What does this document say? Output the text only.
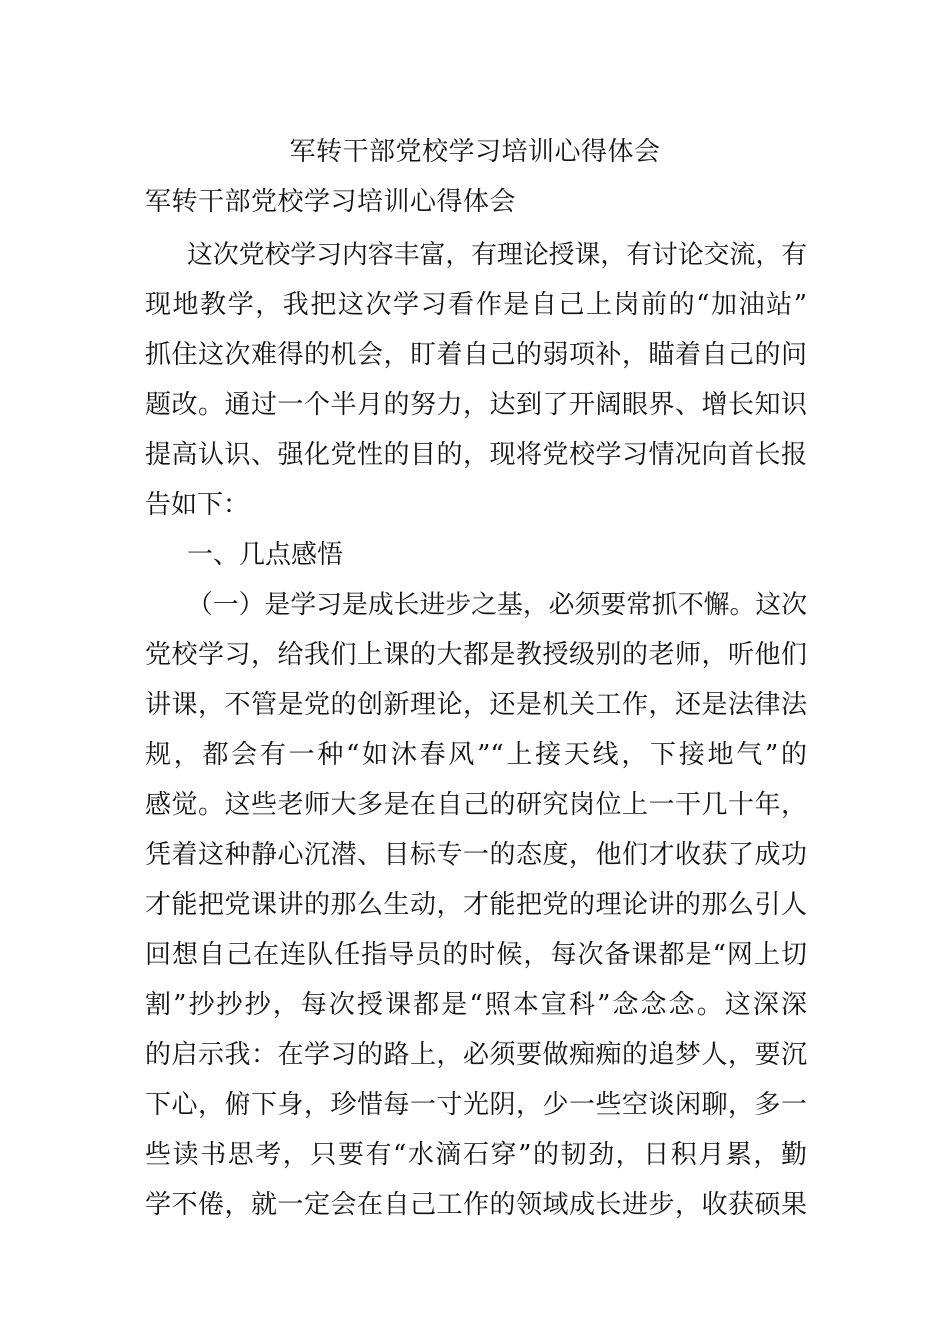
军转干部党校学习培训心得体会
军转干部党校学习培训心得体会
这次党校学习内容丰富，有理论授课，有讨论交流，有
现地教学，我把这次学习看作是自己上岗前的“加油站”
抓住这次难得的机会，盯着自己的弱项补，瞄着自己的问
题改。通过一个半月的努力，达到了开阔眼界、增长知识
提高认识、强化党性的目的，现将党校学习情况向首长报
告如下：
一、几点感悟
（一）是学习是成长进步之基，必须要常抓不懈。这次
党校学习，给我们上课的大都是教授级别的老师，听他们
讲课，不管是党的创新理论，还是机关工作，还是法律法
规，都会有一种“如沐春风”“上接天线，下接地气”的
感觉。这些老师大多是在自己的研究岗位上一干几十年，
凭着这种静心沉潜、目标专一的态度，他们才收获了成功
才能把党课讲的那么生动，才能把党的理论讲的那么引人
回想自己在连队任指导员的时候，每次备课都是“网上切
割”抄抄抄，每次授课都是“照本宣科”念念念。这深深
的启示我：在学习的路上，必须要做痴痴的追梦人，要沉
下心，俯下身，珍惜每一寸光阴，少一些空谈闲聊，多一
些读书思考，只要有“水滴石穿”的韧劲，日积月累，勤
学不倦，就一定会在自己工作的领域成长进步，收获硕果
